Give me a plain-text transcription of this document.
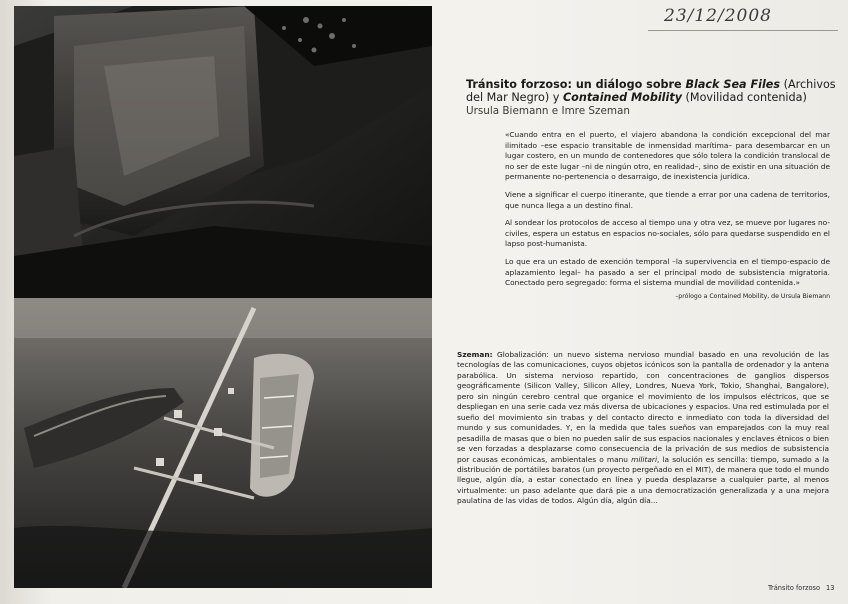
23/12/2008
Tránsito forzoso: un diálogo sobre Black Sea Files (Archivos del Mar Negro) y Contained Mobility (Movilidad contenida)

Ursula Biemann e Imre Szeman

«Cuando entra en el puerto, el viajero abandona la condición excepcional del mar ilimitado –ese espacio transitable de inmensidad marítima– para desembarcar en un lugar costero, en un mundo de contenedores que sólo tolera la condición translocal de no ser de este lugar –ni de ningún otro, en realidad–, sino de existir en una situación de permanente no-pertenencia o desarraigo, de inexistencia jurídica.

Viene a significar el cuerpo itinerante, que tiende a errar por una cadena de territorios, que nunca llega a un destino final.

Al sondear los protocolos de acceso al tiempo una y otra vez, se mueve por lugares no-civiles, espera un estatus en espacios no-sociales, sólo para quedarse suspendido en el lapso post-humanista.

Lo que era un estado de exención temporal –la supervivencia en el tiempo-espacio de aplazamiento legal– ha pasado a ser el principal modo de subsistencia migratoria. Conectado pero segregado: forma el sistema mundial de movilidad contenida.»

–prólogo a Contained Mobility, de Ursula Biemann

Szeman: Globalización: un nuevo sistema nervioso mundial basado en una revolución de las tecnologías de las comunicaciones, cuyos objetos icónicos son la pantalla de ordenador y la antena parabólica. Un sistema nervioso repartido, con concentraciones de ganglios dispersos geográficamente (Silicon Valley, Silicon Alley, Londres, Nueva York, Tokio, Shanghai, Bangalore), pero sin ningún cerebro central que organice el movimiento de los impulsos eléctricos, que se despliegan en una serie cada vez más diversa de ubicaciones y espacios. Una red estimulada por el sueño del movimiento sin trabas y del contacto directo e inmediato con toda la diversidad del mundo y sus comunidades. Y, en la medida que tales sueños van emparejados con la muy real pesadilla de masas que o bien no pueden salir de sus espacios nacionales y enclaves étnicos o bien se ven forzadas a desplazarse como consecuencia de la privación de sus medios de subsistencia por causas económicas, ambientales o manu militari, la solución es sencilla: tiempo, sumado a la distribución de portátiles baratos (un proyecto pergeñado en el MIT), de manera que todo el mundo llegue, algún día, a estar conectado en línea y pueda desplazarse a cualquier parte, al menos virtualmente: un paso adelante que dará pie a una democratización generalizada y a una mejora paulatina de las vidas de todos. Algún día, algún día...

Tránsito forzoso 13
